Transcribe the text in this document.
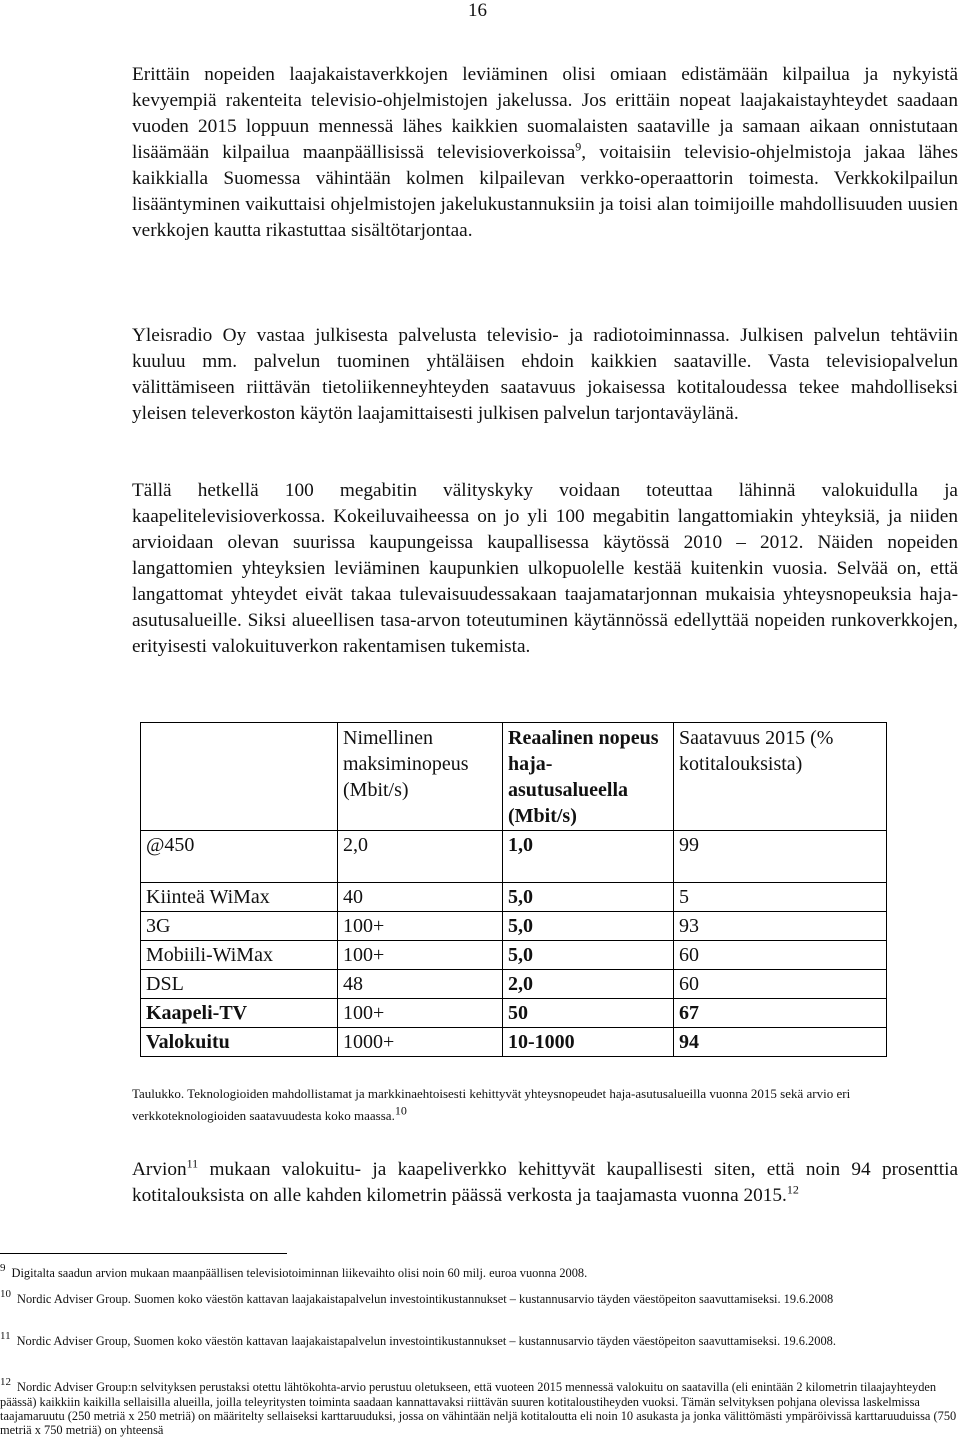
16

Erittäin nopeiden laajakaistaverkkojen leviäminen olisi omiaan edistämään kilpailua ja nykyistä kevyempiä rakenteita televisio-ohjelmistojen jakelussa. Jos erittäin nopeat laajakaistayhteydet saadaan vuoden 2015 loppuun mennessä lähes kaikkien suomalaisten saataville ja samaan aikaan onnistutaan lisäämään kilpailua maanpäällisissä televisioverkoissa$^9$, voitaisiin televisio-ohjelmistoja jakaa lähes kaikkialla Suomessa vähintään kolmen kilpailevan verkko-operaattorin toimesta. Verkkokilpailun lisääntyminen vaikuttaisi ohjelmistojen jakelukustannuksiin ja toisi alan toimijoille mahdollisuuden uusien verkkojen kautta rikastuttaa sisältötarjontaa.

Yleisradio Oy vastaa julkisesta palvelusta televisio- ja radiotoiminnassa. Julkisen palvelun tehtäviin kuuluu mm. palvelun tuominen yhtäläisen ehdoin kaikkien saataville. Vasta televisiopalvelun välittämiseen riittävän tietoliikenneyhteyden saatavuus jokaisessa kotitaloudessa tekee mahdolliseksi yleisen televerkoston käytön laajamittaisesti julkisen palvelun tarjontaväylänä.

Tällä hetkellä 100 megabitin välityskyky voidaan toteuttaa lähinnä valokuidulla ja kaapelitelevisioverkossa. Kokeiluvaiheessa on jo yli 100 megabitin langattomiakin yhteyksiä, ja niiden arvioidaan olevan suurissa kaupungeissa kaupallisessa käytössä 2010 – 2012. Näiden nopeiden langattomien yhteyksien leviäminen kaupunkien ulkopuolelle kestää kuitenkin vuosia. Selvää on, että langattomat yhteydet eivät takaa tulevaisuudessakaan taajamatarjonnan mukaisia yhteysnopeuksia haja-asutusalueille. Siksi alueellisen tasa-arvon toteutuminen käytännössä edellyttää nopeiden runkoverkkojen, erityisesti valokuituverkon rakentamisen tukemista.

	Nimellinen maksiminopeus (Mbit/s)	Reaalinen nopeus haja-asutusalueella (Mbit/s)	Saatavuus 2015 (% kotitalouksista)
@450	2,0	1,0	99
Kiinteä WiMax	40	5,0	5
3G	100+	5,0	93
Mobiili-WiMax	100+	5,0	60
DSL	48	2,0	60
Kaapeli-TV	100+	50	67
Valokuitu	1000+	10-1000	94

Taulukko. Teknologioiden mahdollistamat ja markkinaehtoisesti kehittyvät yhteysnopeudet haja-asutusalueilla vuonna 2015 sekä arvio eri verkkoteknologioiden saatavuudesta koko maassa.$^{10}$

Arvion$^{11}$ mukaan valokuitu- ja kaapeliverkko kehittyvät kaupallisesti siten, että noin 94 prosenttia kotitalouksista on alle kahden kilometrin päässä verkosta ja taajamasta vuonna 2015.12

9 Digitalta saadun arvion mukaan maanpäällisen televisiotoiminnan liikevaihto olisi noin 60 milj. euroa vuonna 2008.

10 Nordic Adviser Group. Suomen koko väestön kattavan laajakaistapalvelun investointikustannukset – kustannusarvio täyden väestöpeiton saavuttamiseksi. 19.6.2008

11 Nordic Adviser Group, Suomen koko väestön kattavan laajakaistapalvelun investointikustannukset – kustannusarvio täyden väestöpeiton saavuttamiseksi. 19.6.2008.

12 Nordic Adviser Group:n selvityksen perustaksi otettu lähtökohta-arvio perustuu oletukseen, että vuoteen 2015 mennessä valokuitu on saatavilla (eli enintään 2 kilometrin tilaajayhteyden päässä) kaikkiin kaikilla sellaisilla alueilla, joilla teleyritysten toiminta saadaan kannattavaksi riittävän suuren kotitaloustiheyden vuoksi. Tämän selvityksen pohjana olevissa laskelmissa taajamaruutu (250 metriä x 250 metriä) on määritelty sellaiseksi karttaruuduksi, jossa on vähintään neljä kotitaloutta eli noin 10 asukasta ja jonka välittömästi ympäröivissä karttaruuduissa (750 metriä x 750 metriä) on yhteensä
